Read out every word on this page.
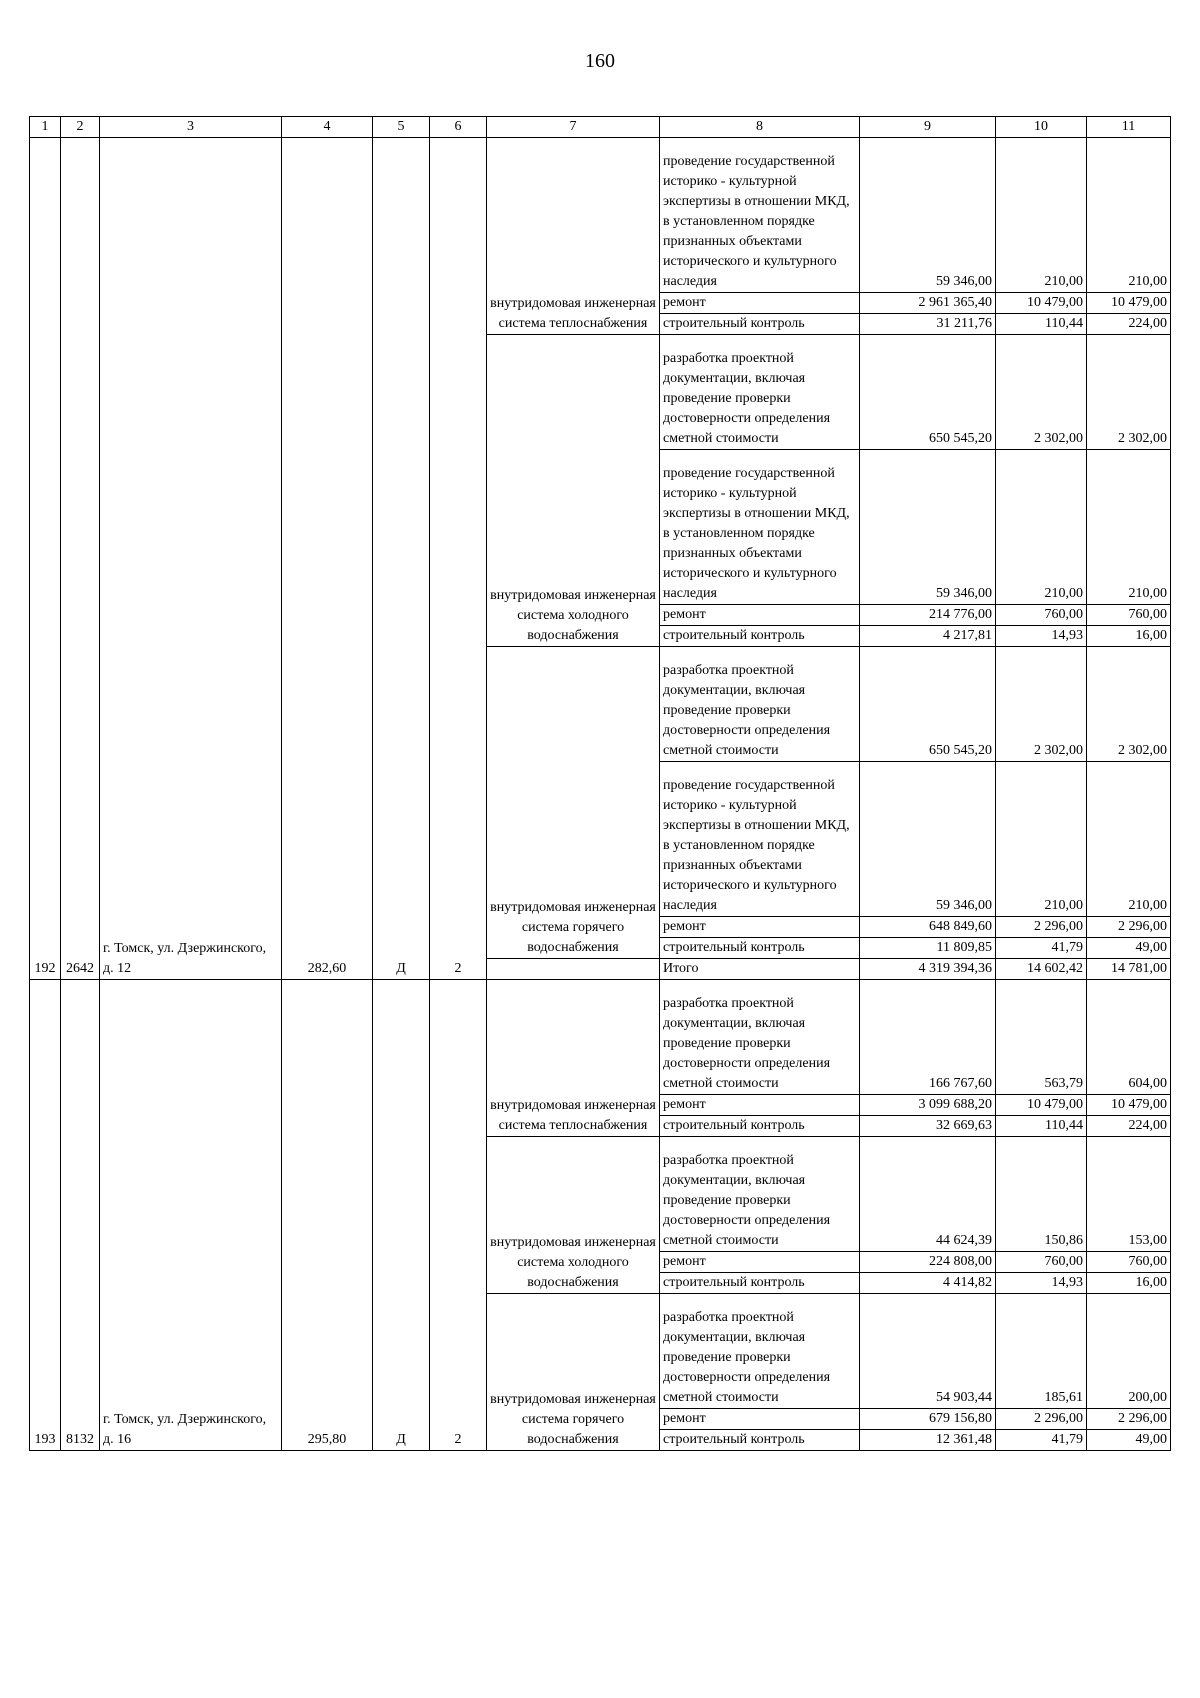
160
1	2	3	4	5	6	7	8	9	10	11
192	2642	г. Томск, ул. Дзержинского, д. 12	282,60	Д	2	внутридомовая инженерная система теплоснабжения	проведение государственной историко - культурной экспертизы в отношении МКД, в установленном порядке признанных объектами исторического и культурного наследия	59 346,00	210,00	210,00
							ремонт	2 961 365,40	10 479,00	10 479,00
							строительный контроль	31 211,76	110,44	224,00
						внутридомовая инженерная система холодного водоснабжения	разработка проектной документации, включая проведение проверки достоверности определения сметной стоимости	650 545,20	2 302,00	2 302,00
							проведение государственной историко - культурной экспертизы в отношении МКД, в установленном порядке признанных объектами исторического и культурного наследия	59 346,00	210,00	210,00
							ремонт	214 776,00	760,00	760,00
							строительный контроль	4 217,81	14,93	16,00
						внутридомовая инженерная система горячего водоснабжения	разработка проектной документации, включая проведение проверки достоверности определения сметной стоимости	650 545,20	2 302,00	2 302,00
							проведение государственной историко - культурной экспертизы в отношении МКД, в установленном порядке признанных объектами исторического и культурного наследия	59 346,00	210,00	210,00
							ремонт	648 849,60	2 296,00	2 296,00
							строительный контроль	11 809,85	41,79	49,00
							Итого	4 319 394,36	14 602,42	14 781,00
193	8132	г. Томск, ул. Дзержинского, д. 16	295,80	Д	2	внутридомовая инженерная система теплоснабжения	разработка проектной документации, включая проведение проверки достоверности определения сметной стоимости	166 767,60	563,79	604,00
							ремонт	3 099 688,20	10 479,00	10 479,00
							строительный контроль	32 669,63	110,44	224,00
						внутридомовая инженерная система холодного водоснабжения	разработка проектной документации, включая проведение проверки достоверности определения сметной стоимости	44 624,39	150,86	153,00
							ремонт	224 808,00	760,00	760,00
							строительный контроль	4 414,82	14,93	16,00
						внутридомовая инженерная система горячего водоснабжения	разработка проектной документации, включая проведение проверки достоверности определения сметной стоимости	54 903,44	185,61	200,00
							ремонт	679 156,80	2 296,00	2 296,00
							строительный контроль	12 361,48	41,79	49,00
